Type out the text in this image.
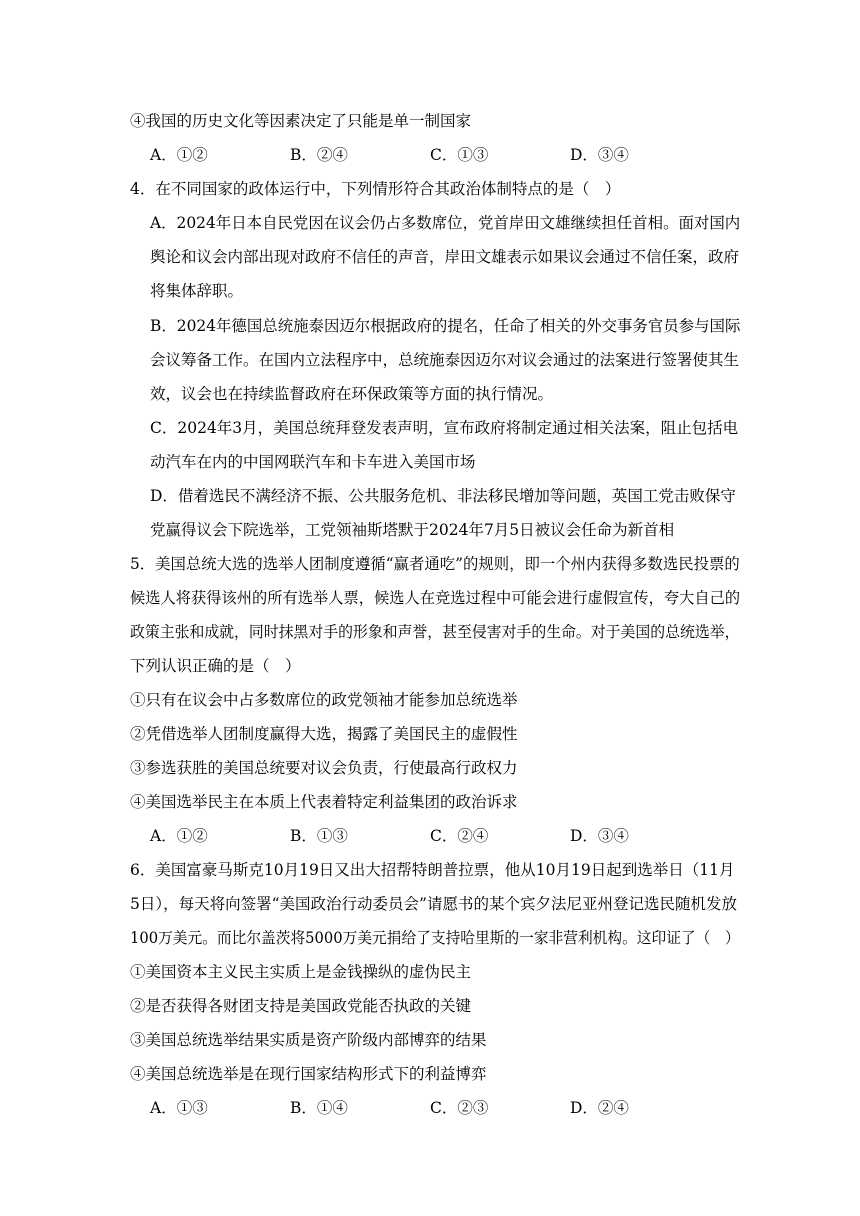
④我国的历史文化等因素决定了只能是单一制国家
A．①②	B．②④	C．①③	D．③④
4．在不同国家的政体运行中，下列情形符合其政治体制特点的是（　）
A．2024年日本自民党因在议会仍占多数席位，党首岸田文雄继续担任首相。面对国内
舆论和议会内部出现对政府不信任的声音，岸田文雄表示如果议会通过不信任案，政府
将集体辞职。
B．2024年德国总统施泰因迈尔根据政府的提名，任命了相关的外交事务官员参与国际
会议筹备工作。在国内立法程序中，总统施泰因迈尔对议会通过的法案进行签署使其生
效，议会也在持续监督政府在环保政策等方面的执行情况。
C．2024年3月，美国总统拜登发表声明，宣布政府将制定通过相关法案，阻止包括电
动汽车在内的中国网联汽车和卡车进入美国市场
D．借着选民不满经济不振、公共服务危机、非法移民增加等问题，英国工党击败保守
党赢得议会下院选举，工党领袖斯塔默于2024年7月5日被议会任命为新首相
5．美国总统大选的选举人团制度遵循“赢者通吃”的规则，即一个州内获得多数选民投票的
候选人将获得该州的所有选举人票，候选人在竞选过程中可能会进行虚假宣传，夸大自己的
政策主张和成就，同时抹黑对手的形象和声誉，甚至侵害对手的生命。对于美国的总统选举，
下列认识正确的是（　）
①只有在议会中占多数席位的政党领袖才能参加总统选举
②凭借选举人团制度赢得大选，揭露了美国民主的虚假性
③参选获胜的美国总统要对议会负责，行使最高行政权力
④美国选举民主在本质上代表着特定利益集团的政治诉求
A．①②	B．①③	C．②④	D．③④
6．美国富豪马斯克10月19日又出大招帮特朗普拉票，他从10月19日起到选举日（11月
5日），每天将向签署“美国政治行动委员会”请愿书的某个宾夕法尼亚州登记选民随机发放
100万美元。而比尔盖茨将5000万美元捐给了支持哈里斯的一家非营利机构。这印证了（　）
①美国资本主义民主实质上是金钱操纵的虚伪民主
②是否获得各财团支持是美国政党能否执政的关键
③美国总统选举结果实质是资产阶级内部博弈的结果
④美国总统选举是在现行国家结构形式下的利益博弈
A．①③	B．①④	C．②③	D．②④
